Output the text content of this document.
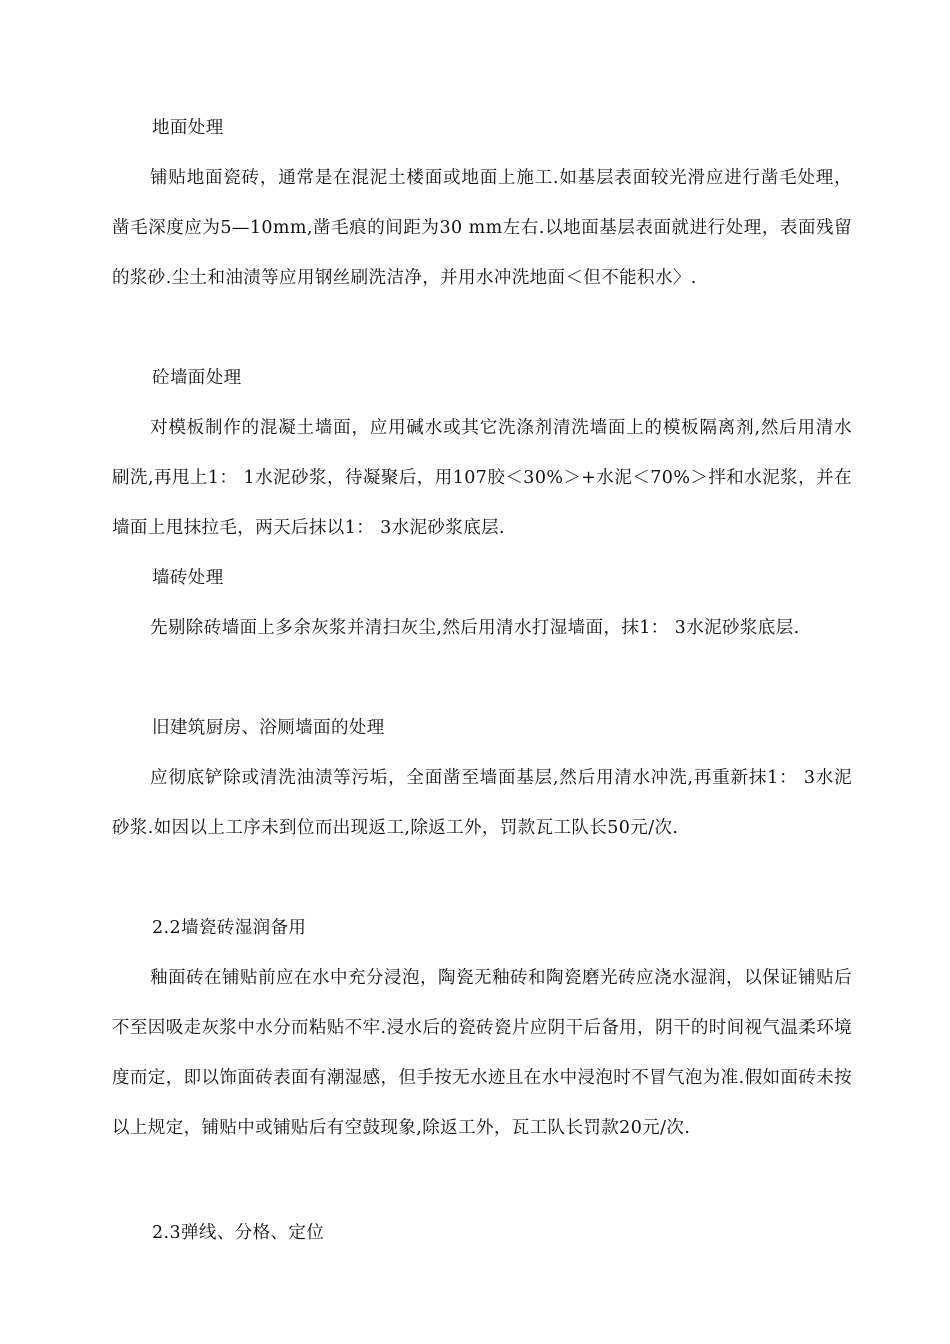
地面处理

铺贴地面瓷砖，通常是在混泥土楼面或地面上施工.如基层表面较光滑应进行凿毛处理，凿毛深度应为5—10mm,凿毛痕的间距为30 mm左右.以地面基层表面就进行处理，表面残留的浆砂.尘土和油渍等应用钢丝刷洗洁净，并用水冲洗地面＜但不能积水〉.

砼墙面处理

对模板制作的混凝土墙面，应用碱水或其它洗涤剂清洗墙面上的模板隔离剂,然后用清水刷洗,再甩上1： 1水泥砂浆，待凝聚后，用107胶＜30%＞+水泥＜70%＞拌和水泥浆，并在墙面上甩抹拉毛，两天后抹以1： 3水泥砂浆底层.

墙砖处理

先剔除砖墙面上多余灰浆并清扫灰尘,然后用清水打湿墙面，抹1： 3水泥砂浆底层.

旧建筑厨房、浴厕墙面的处理

应彻底铲除或清洗油渍等污垢，全面凿至墙面基层,然后用清水冲洗,再重新抹1： 3水泥砂浆.如因以上工序未到位而出现返工,除返工外，罚款瓦工队长50元/次.

2.2墙瓷砖湿润备用

釉面砖在铺贴前应在水中充分浸泡，陶瓷无釉砖和陶瓷磨光砖应浇水湿润，以保证铺贴后不至因吸走灰浆中水分而粘贴不牢.浸水后的瓷砖瓷片应阴干后备用，阴干的时间视气温柔环境度而定，即以饰面砖表面有潮湿感，但手按无水迹且在水中浸泡时不冒气泡为准.假如面砖未按以上规定，铺贴中或铺贴后有空鼓现象,除返工外，瓦工队长罚款20元/次.

2.3弹线、分格、定位
